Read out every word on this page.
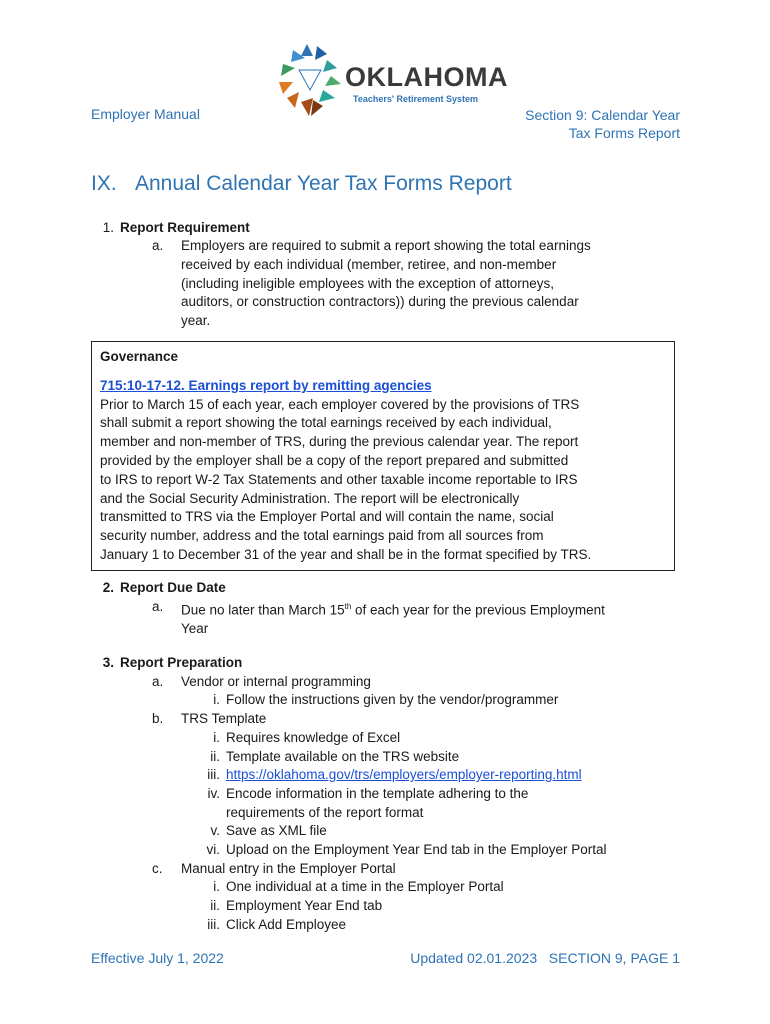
OKLAHOMA
Teachers' Retirement System
Employer Manual	Section 9: Calendar Year
Tax Forms Report
IX. Annual Calendar Year Tax Forms Report
1. Report Requirement
a. Employers are required to submit a report showing the total earnings
received by each individual (member, retiree, and non-member
(including ineligible employees with the exception of attorneys,
auditors, or construction contractors)) during the previous calendar
year.
Governance
715:10-17-12. Earnings report by remitting agencies
Prior to March 15 of each year, each employer covered by the provisions of TRS
shall submit a report showing the total earnings received by each individual,
member and non-member of TRS, during the previous calendar year. The report
provided by the employer shall be a copy of the report prepared and submitted
to IRS to report W-2 Tax Statements and other taxable income reportable to IRS
and the Social Security Administration. The report will be electronically
transmitted to TRS via the Employer Portal and will contain the name, social
security number, address and the total earnings paid from all sources from
January 1 to December 31 of the year and shall be in the format specified by TRS.
2. Report Due Date
a. Due no later than March 15th of each year for the previous Employment
Year
3. Report Preparation
a. Vendor or internal programming
i. Follow the instructions given by the vendor/programmer
b. TRS Template
i. Requires knowledge of Excel
ii. Template available on the TRS website
iii. https://oklahoma.gov/trs/employers/employer-reporting.html
iv. Encode information in the template adhering to the
requirements of the report format
v. Save as XML file
vi. Upload on the Employment Year End tab in the Employer Portal
c. Manual entry in the Employer Portal
i. One individual at a time in the Employer Portal
ii. Employment Year End tab
iii. Click Add Employee
Effective July 1, 2022	Updated 02.01.2023   SECTION 9, PAGE 1
